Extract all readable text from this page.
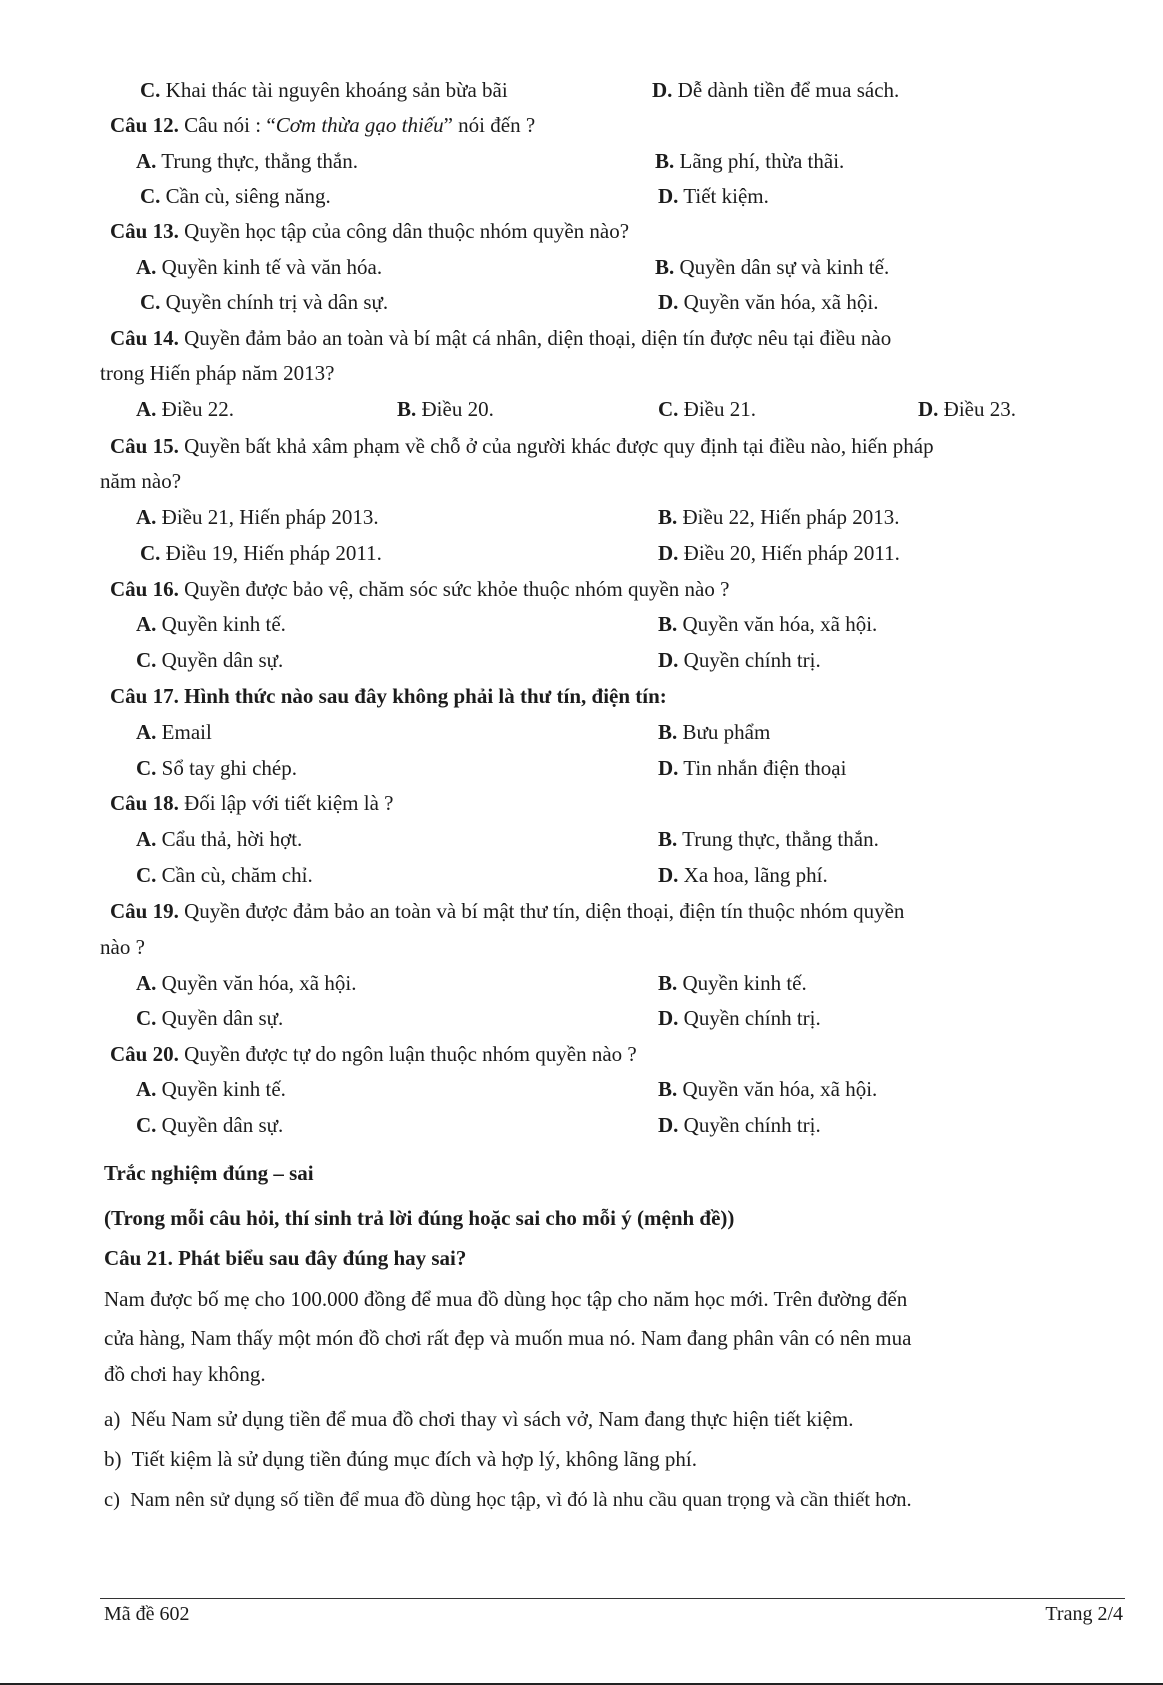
C. Khai thác tài nguyên khoáng sản bừa bãi	D. Dễ dành tiền để mua sách.
Câu 12. Câu nói : “Cơm thừa gạo thiếu” nói đến ?
A. Trung thực, thẳng thắn.	B. Lãng phí, thừa thãi.
C. Cần cù, siêng năng.	D. Tiết kiệm.
Câu 13. Quyền học tập của công dân thuộc nhóm quyền nào?
A. Quyền kinh tế và văn hóa.	B. Quyền dân sự và kinh tế.
C. Quyền chính trị và dân sự.	D. Quyền văn hóa, xã hội.
Câu 14. Quyền đảm bảo an toàn và bí mật cá nhân, diện thoại, diện tín được nêu tại điều nào
trong Hiến pháp năm 2013?
A. Điều 22.	B. Điều 20.	C. Điều 21.	D. Điều 23.
Câu 15. Quyền bất khả xâm phạm về chỗ ở của người khác được quy định tại điều nào, hiến pháp
năm nào?
A. Điều 21, Hiến pháp 2013.	B. Điều 22, Hiến pháp 2013.
C. Điều 19, Hiến pháp 2011.	D. Điều 20, Hiến pháp 2011.
Câu 16. Quyền được bảo vệ, chăm sóc sức khỏe thuộc nhóm quyền nào ?
A. Quyền kinh tế.	B. Quyền văn hóa, xã hội.
C. Quyền dân sự.	D. Quyền chính trị.
Câu 17. Hình thức nào sau đây không phải là thư tín, điện tín:
A. Email	B. Bưu phẩm
C. Sổ tay ghi chép.	D. Tin nhắn điện thoại
Câu 18. Đối lập với tiết kiệm là ?
A. Cẩu thả, hời hợt.	B. Trung thực, thẳng thắn.
C. Cần cù, chăm chỉ.	D. Xa hoa, lãng phí.
Câu 19. Quyền được đảm bảo an toàn và bí mật thư tín, diện thoại, điện tín thuộc nhóm quyền
nào ?
A. Quyền văn hóa, xã hội.	B. Quyền kinh tế.
C. Quyền dân sự.	D. Quyền chính trị.
Câu 20. Quyền được tự do ngôn luận thuộc nhóm quyền nào ?
A. Quyền kinh tế.	B. Quyền văn hóa, xã hội.
C. Quyền dân sự.	D. Quyền chính trị.
Trắc nghiệm đúng – sai
(Trong mỗi câu hỏi, thí sinh trả lời đúng hoặc sai cho mỗi ý (mệnh đề))
Câu 21. Phát biểu sau đây đúng hay sai?
Nam được bố mẹ cho 100.000 đồng để mua đồ dùng học tập cho năm học mới. Trên đường đến
cửa hàng, Nam thấy một món đồ chơi rất đẹp và muốn mua nó. Nam đang phân vân có nên mua
đồ chơi hay không.
a) Nếu Nam sử dụng tiền để mua đồ chơi thay vì sách vở, Nam đang thực hiện tiết kiệm.
b) Tiết kiệm là sử dụng tiền đúng mục đích và hợp lý, không lãng phí.
c) Nam nên sử dụng số tiền để mua đồ dùng học tập, vì đó là nhu cầu quan trọng và cần thiết hơn.
Mã đề 602	Trang 2/4
